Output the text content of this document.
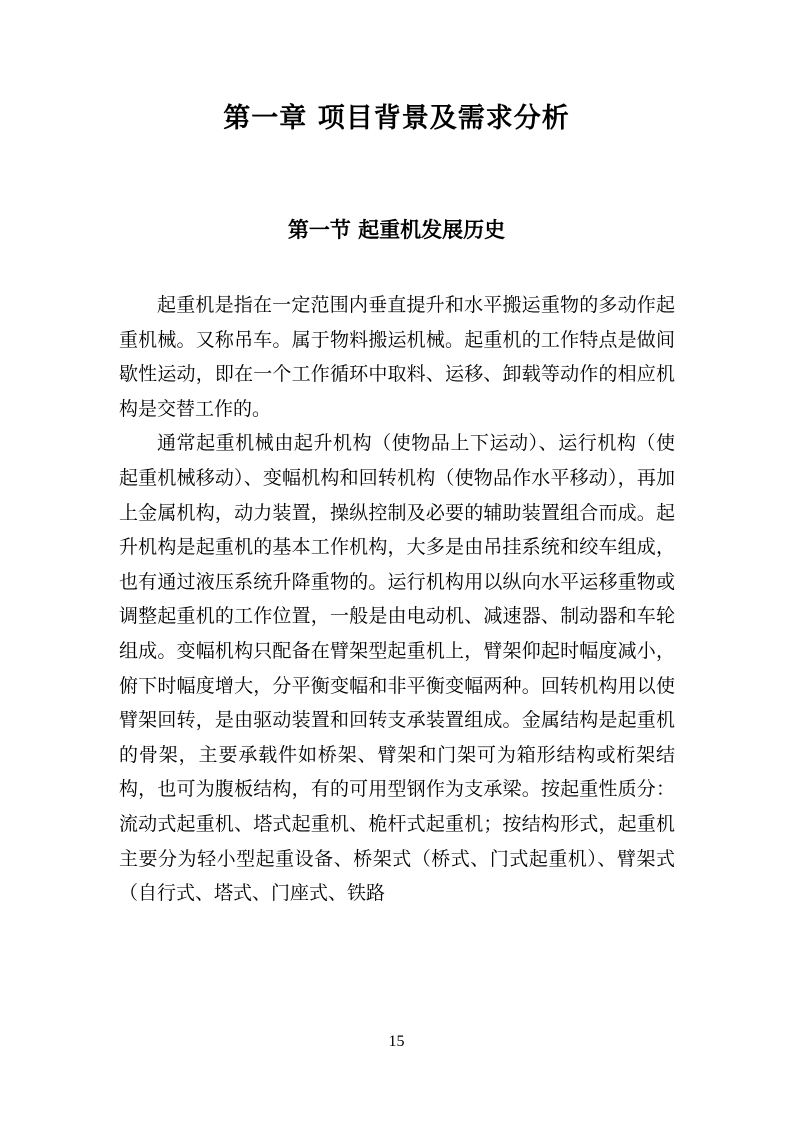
第一章 项目背景及需求分析
第一节 起重机发展历史

起重机是指在一定范围内垂直提升和水平搬运重物的多动作起重机械。又称吊车。属于物料搬运机械。起重机的工作特点是做间歇性运动，即在一个工作循环中取料、运移、卸载等动作的相应机构是交替工作的。

通常起重机械由起升机构（使物品上下运动）、运行机构（使起重机械移动）、变幅机构和回转机构（使物品作水平移动），再加上金属机构，动力装置，操纵控制及必要的辅助装置组合而成。起升机构是起重机的基本工作机构，大多是由吊挂系统和绞车组成，也有通过液压系统升降重物的。运行机构用以纵向水平运移重物或调整起重机的工作位置，一般是由电动机、减速器、制动器和车轮组成。变幅机构只配备在臂架型起重机上，臂架仰起时幅度减小，俯下时幅度增大，分平衡变幅和非平衡变幅两种。回转机构用以使臂架回转，是由驱动装置和回转支承装置组成。金属结构是起重机的骨架，主要承载件如桥架、臂架和门架可为箱形结构或桁架结构，也可为腹板结构，有的可用型钢作为支承梁。按起重性质分：流动式起重机、塔式起重机、桅杆式起重机；按结构形式，起重机主要分为轻小型起重设备、桥架式（桥式、门式起重机）、臂架式（自行式、塔式、门座式、铁路

15
